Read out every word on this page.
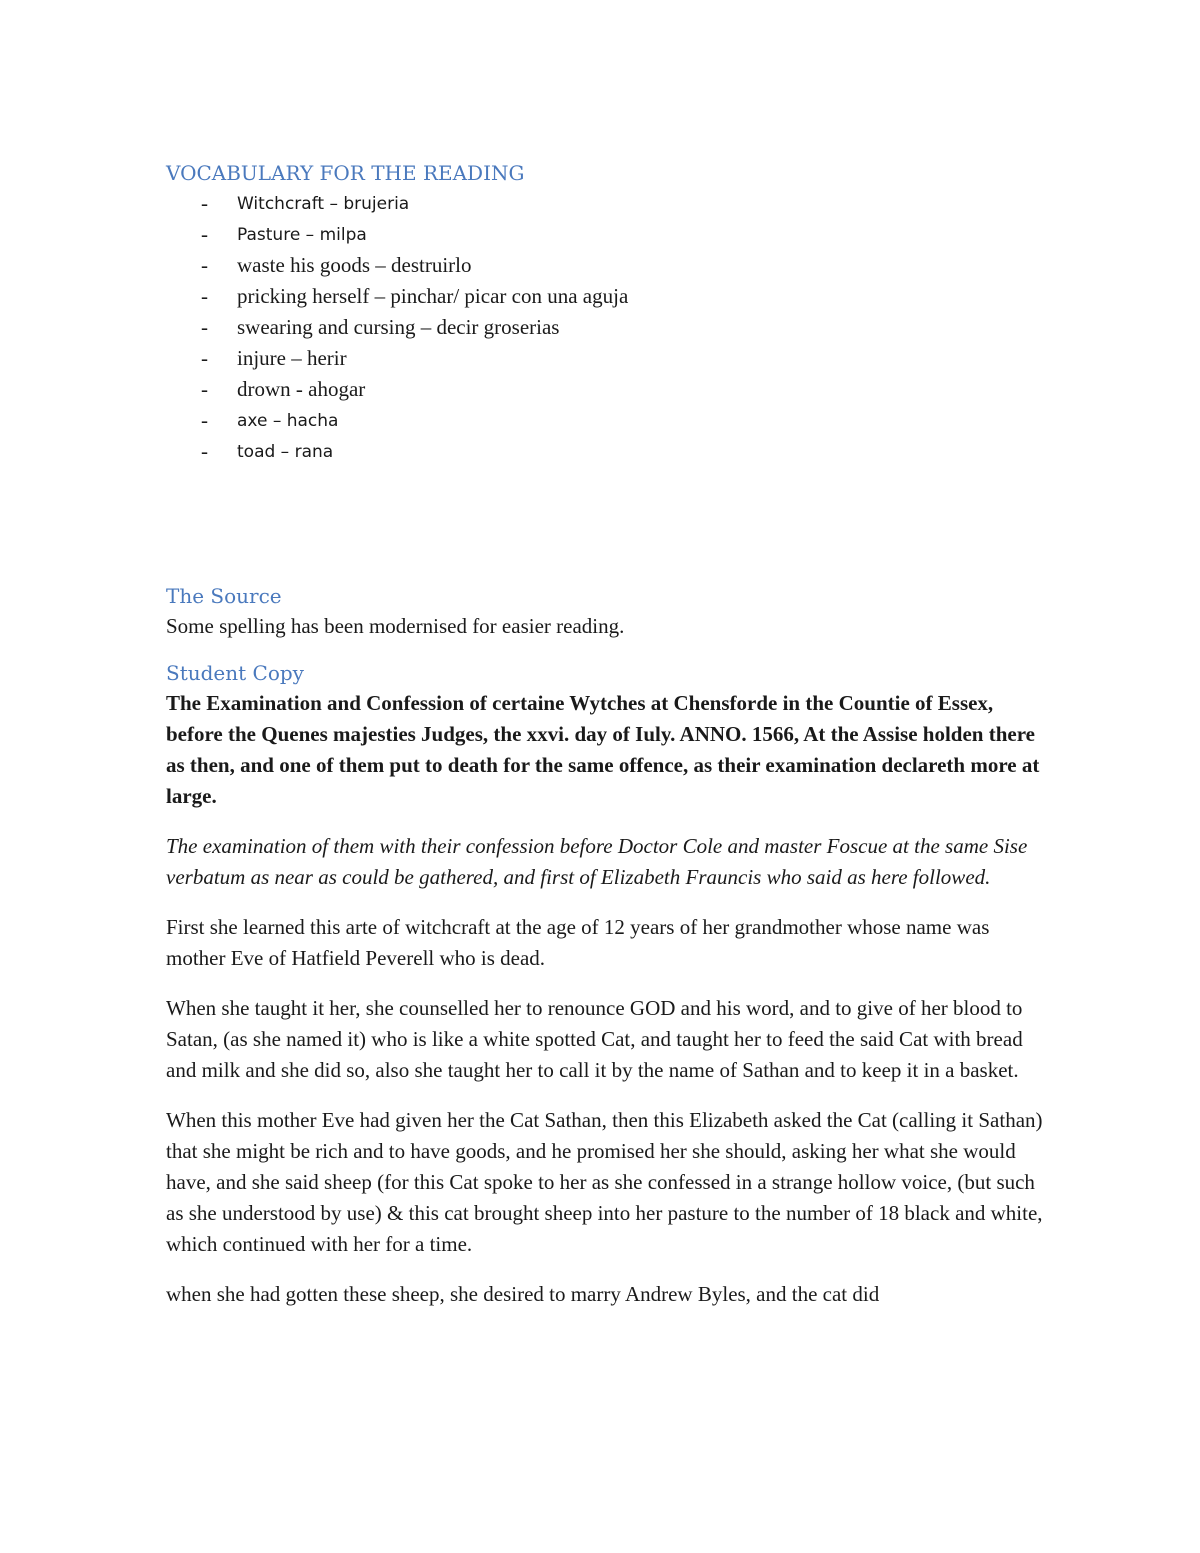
VOCABULARY FOR THE READING
- Witchcraft – brujeria
- Pasture – milpa
- waste his goods – destruirlo
- pricking herself – pinchar/ picar con una aguja
- swearing and cursing – decir groserias
- injure – herir
- drown - ahogar
- axe – hacha
- toad – rana
The Source

Some spelling has been modernised for easier reading.

Student Copy

The Examination and Confession of certaine Wytches at Chensforde in the Countie of Essex, before the Quenes majesties Judges, the xxvi. day of Iuly. ANNO. 1566, At the Assise holden there as then, and one of them put to death for the same offence, as their examination declareth more at large.

The examination of them with their confession before Doctor Cole and master Foscue at the same Sise verbatum as near as could be gathered, and first of Elizabeth Frauncis who said as here followed.

First she learned this arte of witchcraft at the age of 12 years of her grandmother whose name was mother Eve of Hatfield Peverell who is dead.

When she taught it her, she counselled her to renounce GOD and his word, and to give of her blood to Satan, (as she named it) who is like a white spotted Cat, and taught her to feed the said Cat with bread and milk and she did so, also she taught her to call it by the name of Sathan and to keep it in a basket.

When this mother Eve had given her the Cat Sathan, then this Elizabeth asked the Cat (calling it Sathan) that she might be rich and to have goods, and he promised her she should, asking her what she would have, and she said sheep (for this Cat spoke to her as she confessed in a strange hollow voice, (but such as she understood by use) & this cat brought sheep into her pasture to the number of 18 black and white, which continued with her for a time.

when she had gotten these sheep, she desired to marry Andrew Byles, and the cat did
